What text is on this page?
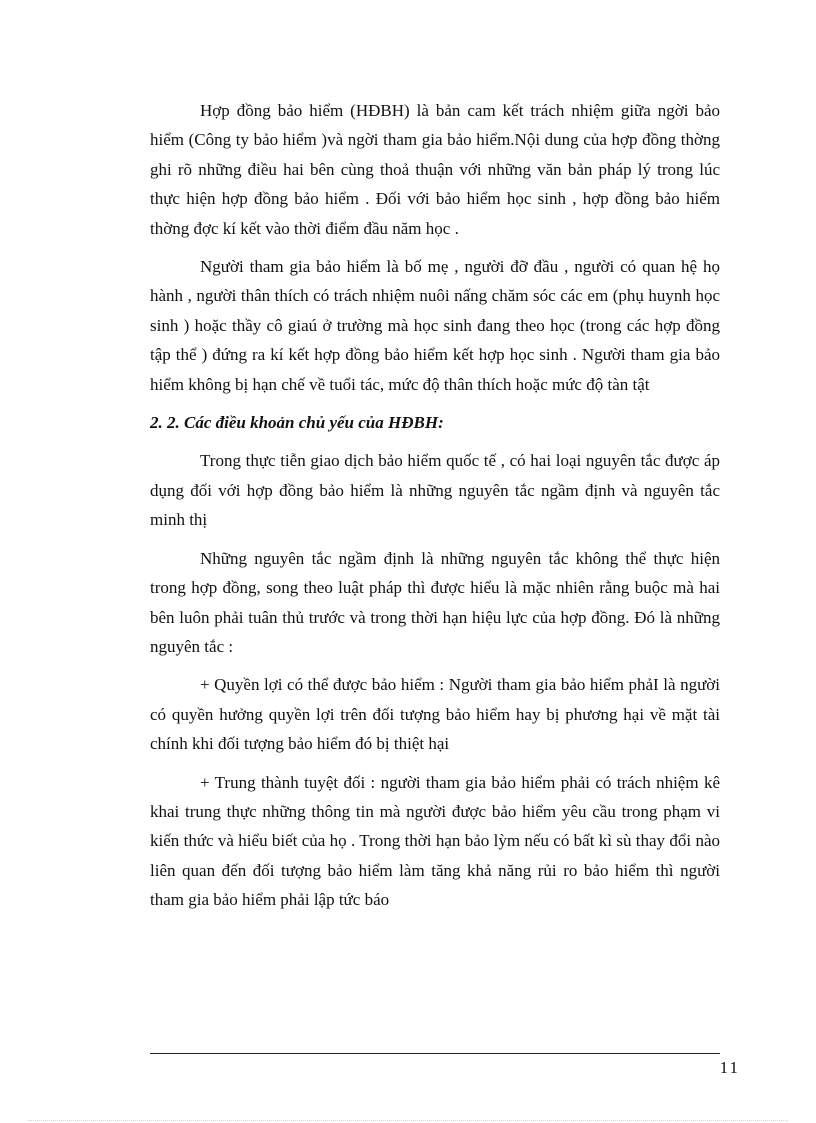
Hợp đồng bảo hiểm (HĐBH) là bản cam kết trách nhiệm giữa ngời bảo hiểm (Công ty bảo hiểm )và ngời tham gia bảo hiểm.Nội dung của hợp đồng thờng ghi rõ những điều hai bên cùng thoả thuận với những văn bản pháp lý trong lúc thực hiện hợp đồng bảo hiểm . Đối với bảo hiểm học sinh , hợp đồng bảo hiểm thờng đợc kí kết vào thời điểm đầu năm học .

Người tham gia bảo hiểm là bố mẹ , người đỡ đầu , người có quan hệ họ hành , người thân thích có trách nhiệm nuôi nấng chăm sóc các em (phụ huynh học sinh ) hoặc thầy cô giaú ở trường mà học sinh đang theo học (trong các hợp đồng tập thể ) đứng ra kí kết hợp đồng bảo hiểm kết hợp học sinh . Người tham gia bảo hiểm không bị hạn chế về tuổi tác, mức độ thân thích hoặc mức độ tàn tật

2. 2. Các điều khoản chủ yếu của HĐBH:

Trong thực tiễn giao dịch bảo hiểm quốc tế , có hai loại nguyên tắc được áp dụng đối với hợp đồng bảo hiểm là những nguyên tắc ngầm định và nguyên tắc minh thị

Những nguyên tắc ngầm định là những nguyên tắc không thể thực hiện trong hợp đồng, song theo luật pháp thì được hiểu là mặc nhiên rằng buộc mà hai bên luôn phải tuân thủ trước và trong thời hạn hiệu lực của hợp đồng. Đó là những nguyên tắc :

+ Quyền lợi có thể được bảo hiểm : Người tham gia bảo hiểm phảI là người có quyền hưởng quyền lợi trên đối tượng bảo hiểm hay bị phương hại về mặt tài chính khi đối tượng bảo hiểm đó bị thiệt hại

+ Trung thành tuyệt đối : người tham gia bảo hiểm phải có trách nhiệm kê khai trung thực những thông tin mà người được bảo hiểm yêu cầu trong phạm vi kiến thức và hiểu biết của họ . Trong thời hạn bảo lỳm nếu có bất kì sù thay đổi nào liên quan đến đối tượng bảo hiểm làm tăng khả năng rủi ro bảo hiểm thì người tham gia bảo hiểm phải lập tức báo

11
